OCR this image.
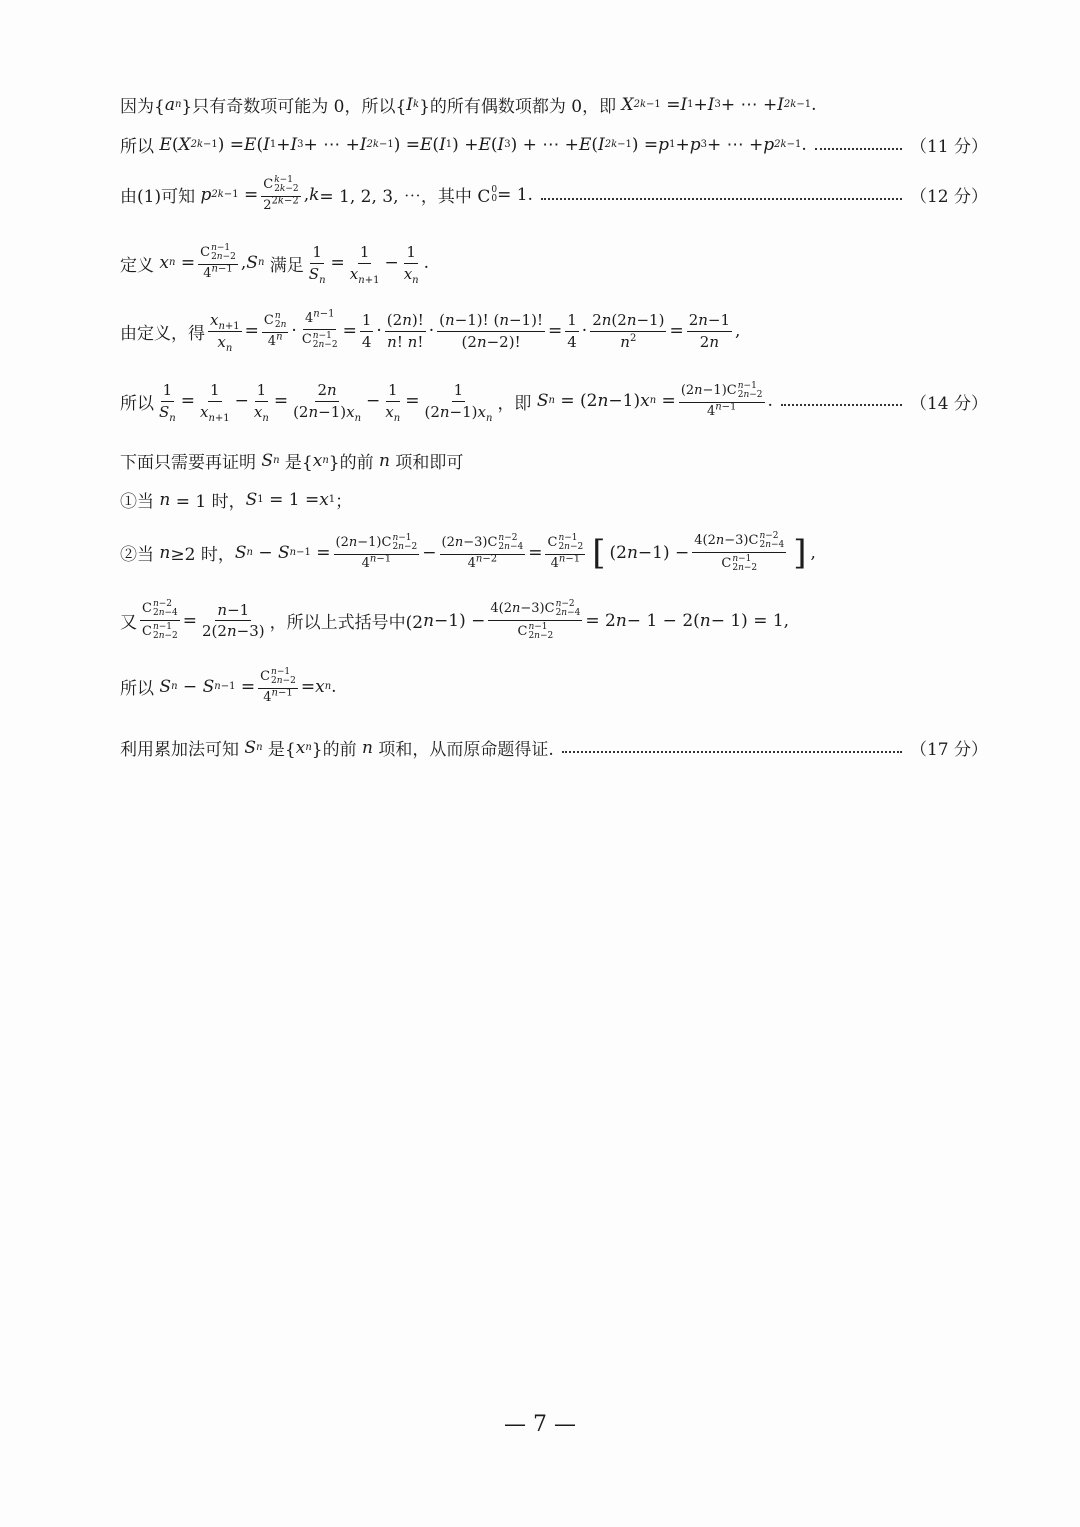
因为{ a n }只有奇数项可能为 0，所以{ I k }的所有偶数项都为 0，即 X 2k−1 = I 1 + I 3 + ⋯ + I 2k−1 .
所以 E ( X 2k−1 ) = E ( I 1 + I 3 + ⋯ + I 2k−1 ) = E ( I 1 ) + E ( I 3 ) + ⋯ + E ( I 2k−1 ) = p 1 + p 3 + ⋯ + p 2k−1 .	（11 分）
由(1)可知 p 2k−1 = C k−1
2k−2
$2^{2k-2}$ , k = 1, 2, 3, ⋯，其中 C 0
0 = 1.	（12 分）
定义 x n = C n−1
2n−2
$4^{n-1}$ , S n 满足 $\frac{1}{S_n} = \frac{1}{x_{n+1}} - \frac{1}{x_n}$ .
由定义，得 $\frac{x_{n+1}}{x_n} = C$ n
2n
$4^n \cdot 4^{n-1}$
C n−1
$2n-2 = \frac{1}{4} \cdot \frac{(2n)!}{n! n!} \cdot \frac{(n-1)! (n-1)!}{(2n-2)!} = \frac{1}{4} \cdot \frac{2n(2n-1)}{n^2} = \frac{2n-1}{2n}$ ,
所以 $\frac{1}{S_n} = \frac{1}{x_{n+1}} - \frac{1}{x_n} = \frac{2n}{(2n-1)x_n} - \frac{1}{x_n} = \frac{1}{(2n-1)x_n}$ ，即 S n = (2 n −1) x n = (2n−1)C n−1
2n−2
$4^{n-1}$ .	（14 分）
下面只需要再证明 S n 是{ x n }的前 n 项和即可
①当 n = 1 时， S 1 = 1 = x 1 ；
②当 n ≥2 时， S n − S n−1 = (2n−1)C n−1
2n−2
$4^{n-1} - (2n-3)C$ n−2
2n−4
$4^{n-2} = C$ n−1
2n−2
$4^{n-1}$ [ (2 n −1) − 4(2n−3)C n−2
2n−4
C n−1
2n−2 ] ,
又 C n−2
2n−4
C n−1
$2n-2 = \frac{n-1}{2(2n-3)}$ ，所以上式括号中(2 n −1) − 4(2n−3)C n−2
2n−4
C n−1
2n−2 = 2 n − 1 − 2( n − 1) = 1,
所以 S n − S n−1 = C n−1
2n−2
$4^{n-1} = x$ n .
利用累加法可知 S n 是{ x n }的前 n 项和，从而原命题得证.	（17 分）
— 7 —
